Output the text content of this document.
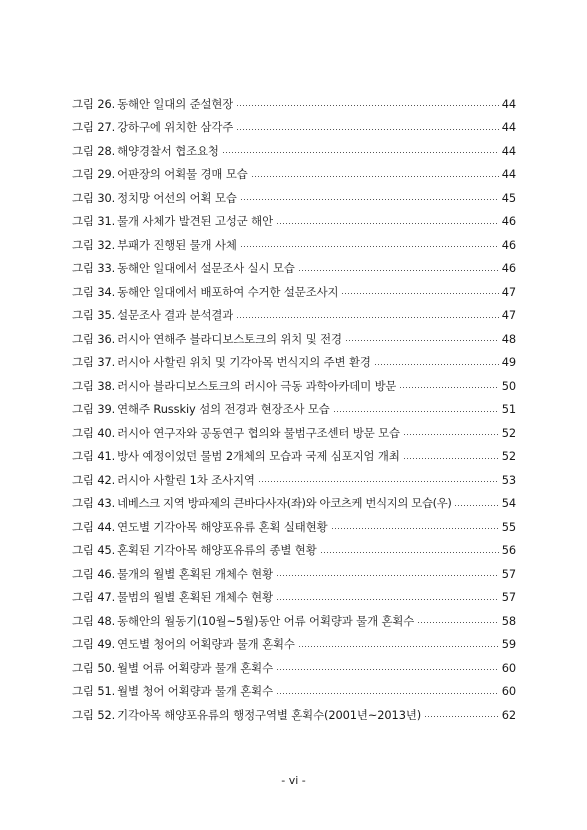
그림 26. 동해안 일대의 준설현장	44
그림 27. 강하구에 위치한 삼각주	44
그림 28. 해양경찰서 협조요청	44
그림 29. 어판장의 어획물 경매 모습	44
그림 30. 정치망 어선의 어획 모습	45
그림 31. 물개 사체가 발견된 고성군 해안	46
그림 32. 부패가 진행된 물개 사체	46
그림 33. 동해안 일대에서 설문조사 실시 모습	46
그림 34. 동해안 일대에서 배포하여 수거한 설문조사지	47
그림 35. 설문조사 결과 분석결과	47
그림 36. 러시아 연해주 블라디보스토크의 위치 및 전경	48
그림 37. 러시아 사할린 위치 및 기각아목 번식지의 주변 환경	49
그림 38. 러시아 블라디보스토크의 러시아 극동 과학아카데미 방문	50
그림 39. 연해주 Russkiy 섬의 전경과 현장조사 모습	51
그림 40. 러시아 연구자와 공동연구 협의와 물범구조센터 방문 모습	52
그림 41. 방사 예정이었던 물범 2개체의 모습과 국제 심포지엄 개최	52
그림 42. 러시아 사할린 1차 조사지역	53
그림 43. 네베스크 지역 방파제의 큰바다사자(좌)와 아코츠케 번식지의 모습(우)	54
그림 44. 연도별 기각아목 해양포유류 혼획 실태현황	55
그림 45. 혼획된 기각아목 해양포유류의 종별 현황	56
그림 46. 물개의 월별 혼획된 개체수 현황	57
그림 47. 물범의 월별 혼획된 개체수 현황	57
그림 48. 동해안의 월동기(10월~5월)동안 어류 어획량과 물개 혼획수	58
그림 49. 연도별 청어의 어획량과 물개 혼획수	59
그림 50. 월별 어류 어획량과 물개 혼획수	60
그림 51. 월별 청어 어획량과 물개 혼획수	60
그림 52. 기각아목 해양포유류의 행정구역별 혼획수(2001년~2013년)	62
- vi -
